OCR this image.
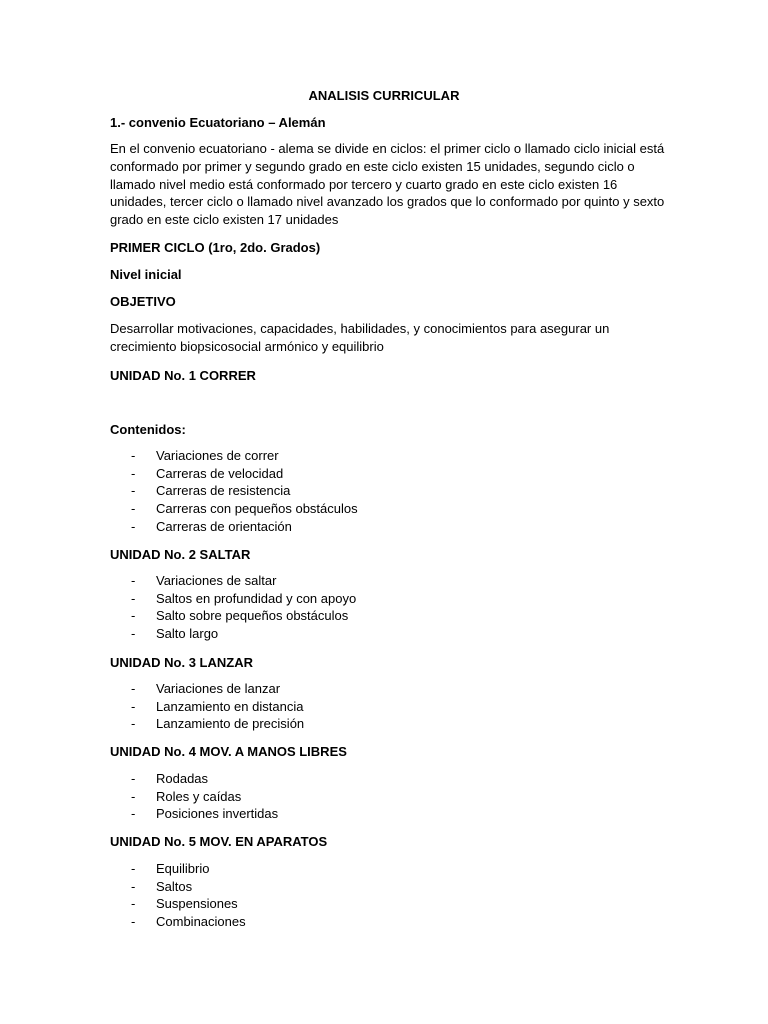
ANALISIS CURRICULAR
1.- convenio Ecuatoriano – Alemán
En el convenio ecuatoriano - alema se divide en ciclos: el primer ciclo o llamado ciclo inicial está conformado por primer y segundo grado en este ciclo existen 15 unidades, segundo ciclo o llamado nivel medio está conformado por tercero y cuarto grado en este ciclo existen 16 unidades, tercer ciclo o llamado nivel avanzado los grados que lo conformado por quinto y sexto grado en este ciclo existen 17 unidades
PRIMER CICLO (1ro, 2do. Grados)
Nivel inicial
OBJETIVO
Desarrollar motivaciones, capacidades, habilidades, y conocimientos para asegurar un crecimiento biopsicosocial armónico y equilibrio
UNIDAD No. 1 CORRER
Contenidos:
- Variaciones de correr
- Carreras de velocidad
- Carreras de resistencia
- Carreras con pequeños obstáculos
- Carreras de orientación
UNIDAD No. 2 SALTAR
- Variaciones de saltar
- Saltos en profundidad y con apoyo
- Salto sobre pequeños obstáculos
- Salto largo
UNIDAD No. 3 LANZAR
- Variaciones de lanzar
- Lanzamiento en distancia
- Lanzamiento de precisión
UNIDAD No. 4 MOV. A MANOS LIBRES
- Rodadas
- Roles y caídas
- Posiciones invertidas
UNIDAD No. 5 MOV. EN APARATOS
- Equilibrio
- Saltos
- Suspensiones
- Combinaciones
